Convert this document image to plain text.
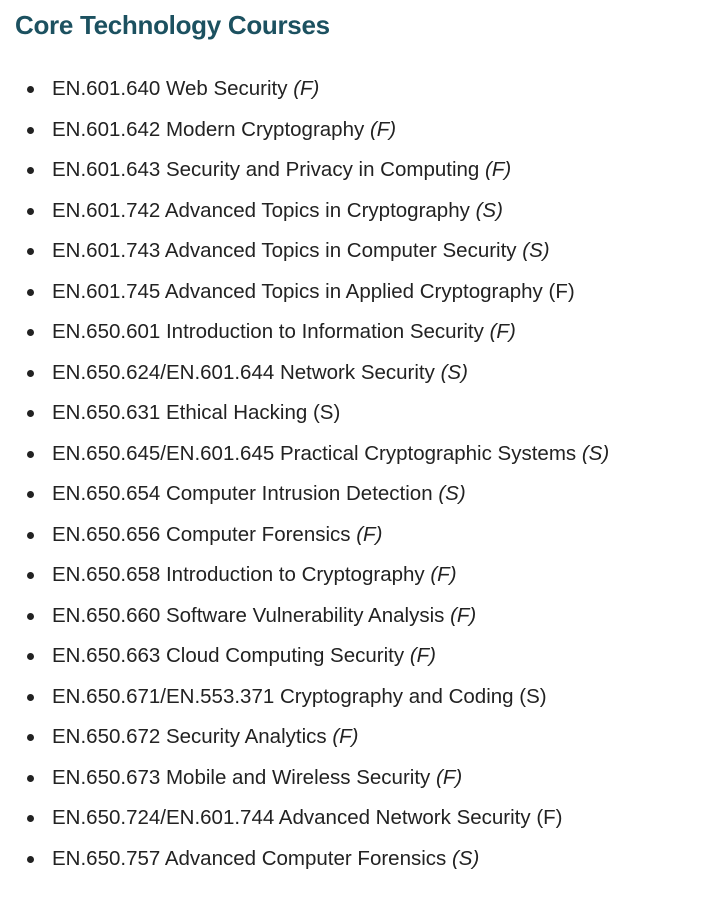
Core Technology Courses
EN.601.640 Web Security (F)
EN.601.642 Modern Cryptography (F)
EN.601.643 Security and Privacy in Computing (F)
EN.601.742 Advanced Topics in Cryptography (S)
EN.601.743 Advanced Topics in Computer Security (S)
EN.601.745 Advanced Topics in Applied Cryptography (F)
EN.650.601 Introduction to Information Security (F)
EN.650.624/EN.601.644 Network Security (S)
EN.650.631 Ethical Hacking (S)
EN.650.645/EN.601.645 Practical Cryptographic Systems (S)
EN.650.654 Computer Intrusion Detection (S)
EN.650.656 Computer Forensics (F)
EN.650.658 Introduction to Cryptography (F)
EN.650.660 Software Vulnerability Analysis (F)
EN.650.663 Cloud Computing Security (F)
EN.650.671/EN.553.371 Cryptography and Coding (S)
EN.650.672 Security Analytics (F)
EN.650.673 Mobile and Wireless Security (F)
EN.650.724/EN.601.744 Advanced Network Security (F)
EN.650.757 Advanced Computer Forensics (S)
